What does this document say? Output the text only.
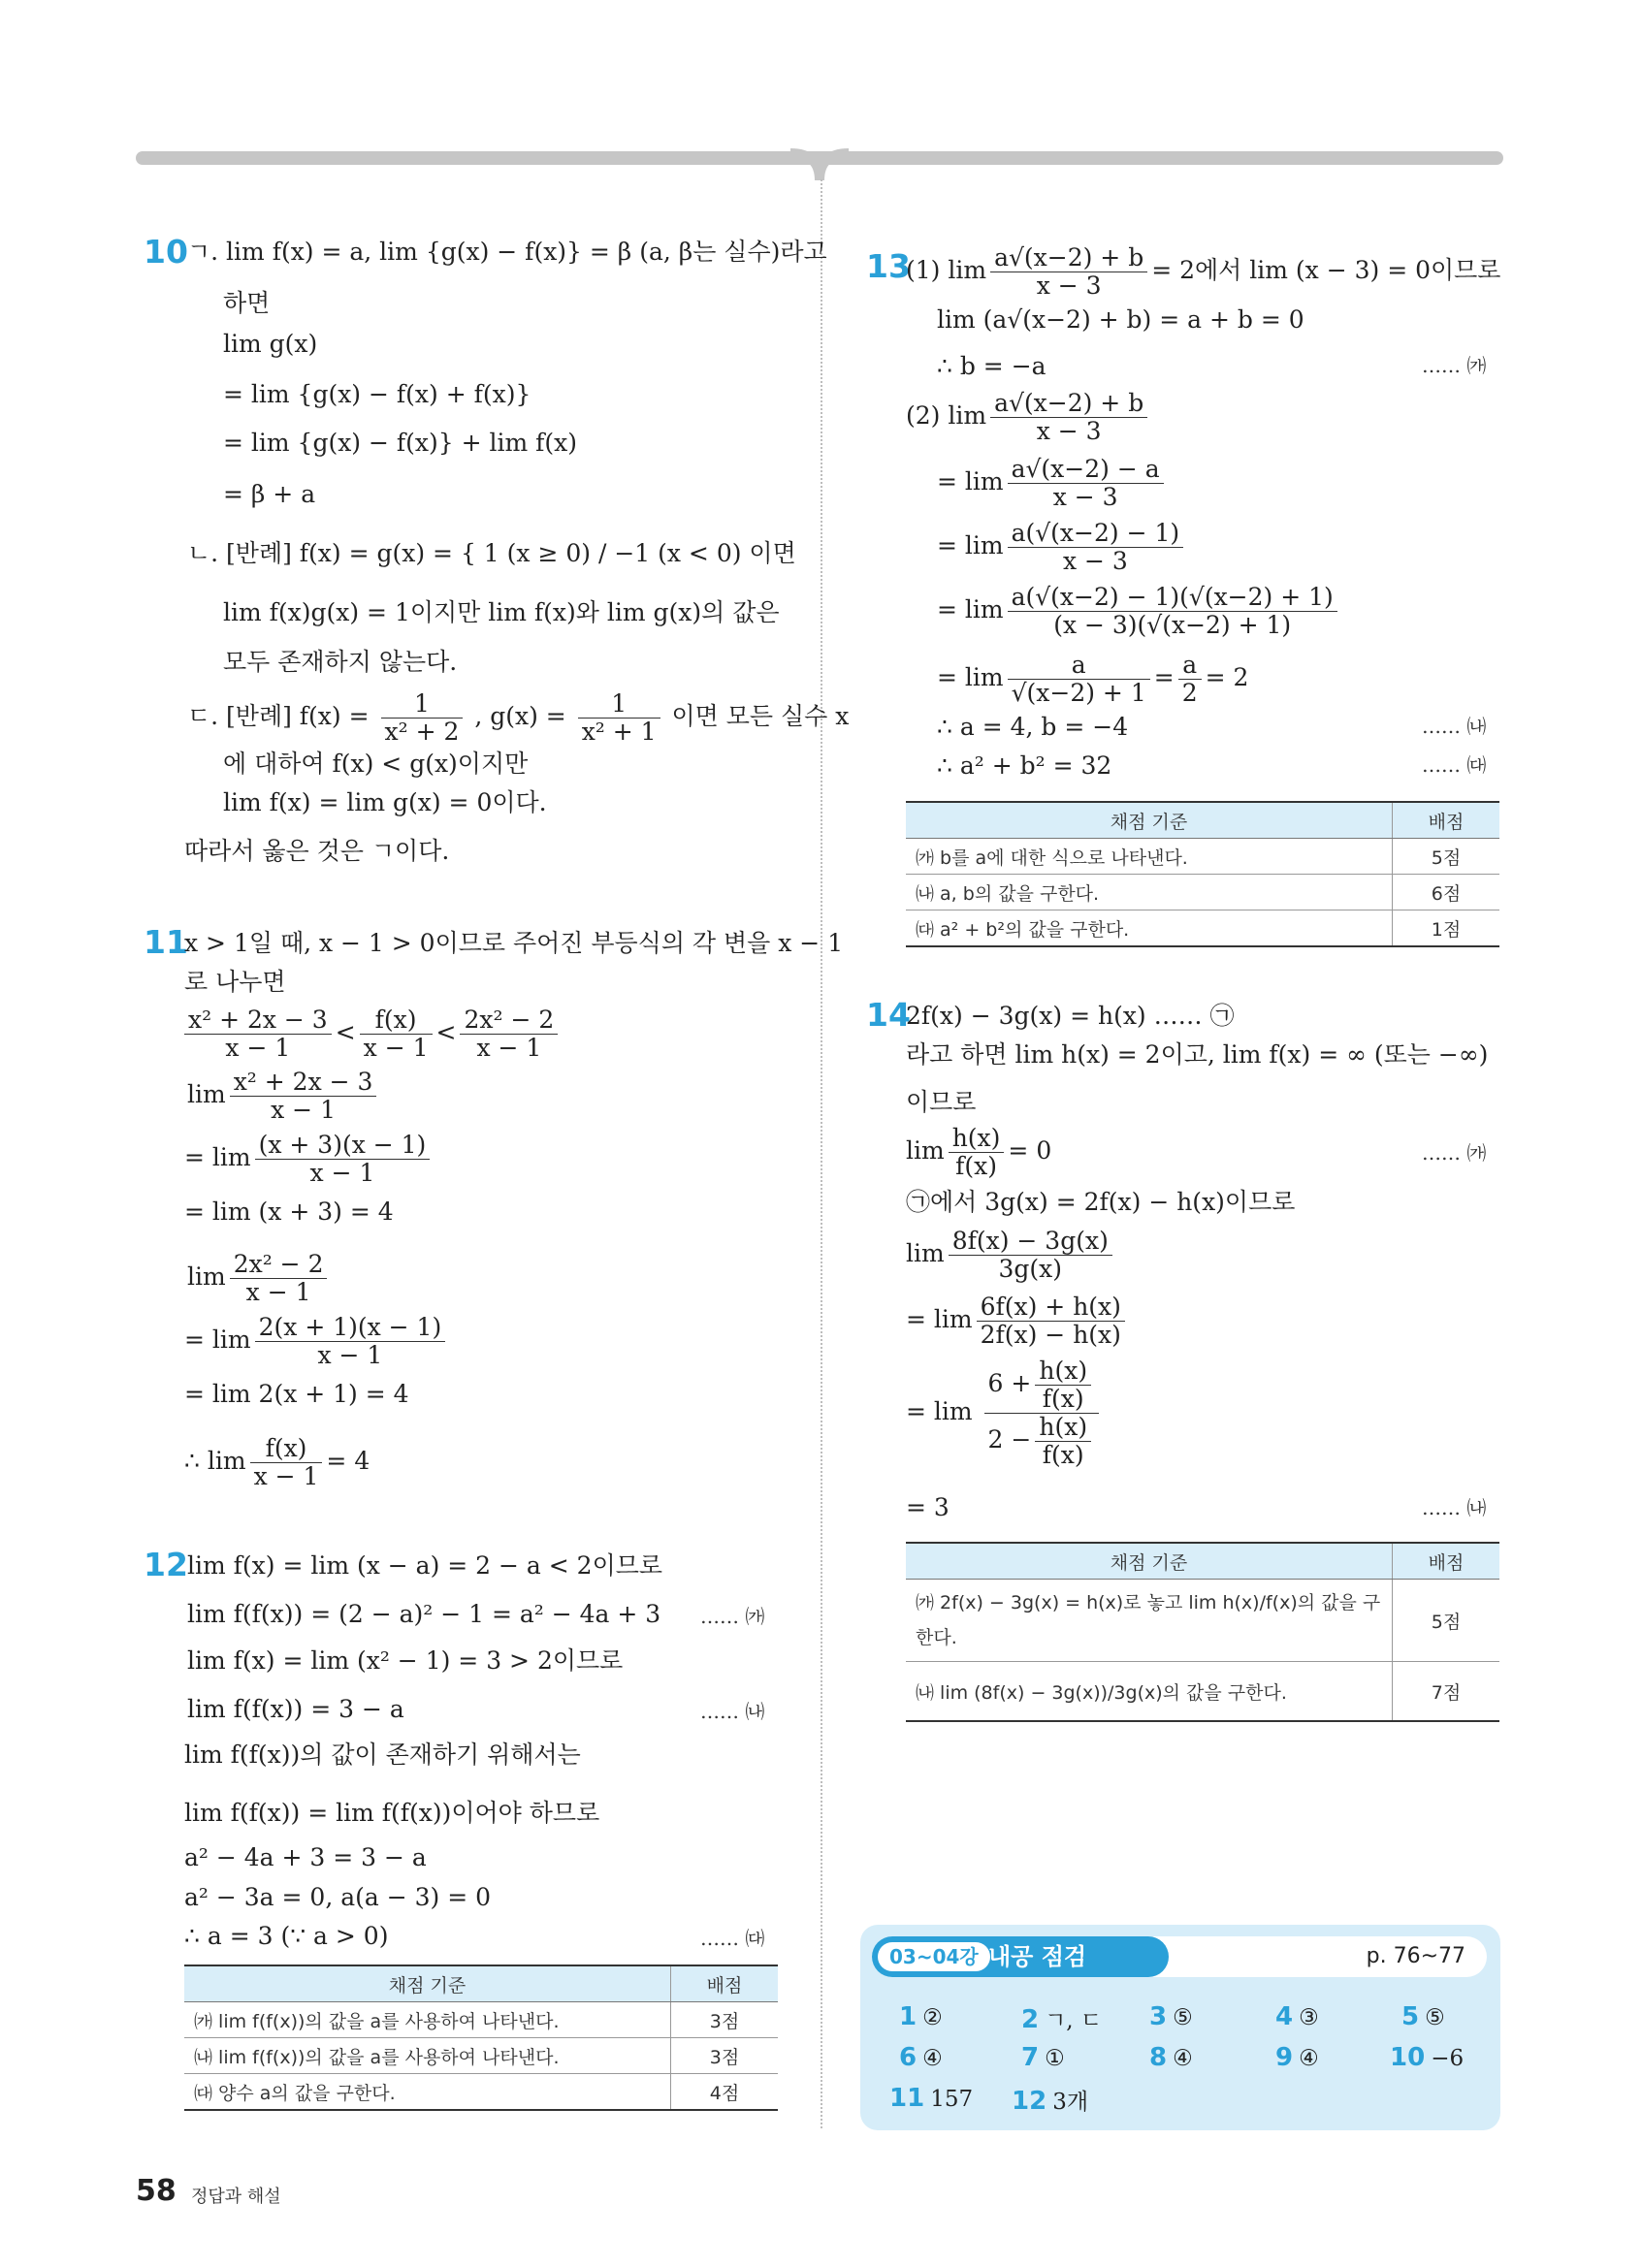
10 ㄱ. lim f(x) = a, lim {g(x) − f(x)} = β (a, β는 실수)라고
하면
lim g(x)
= lim {g(x) − f(x) + f(x)}
= lim {g(x) − f(x)} + lim f(x)
= β + a
ㄴ. [반례] f(x) = g(x) = { 1 (x ≥ 0) / −1 (x < 0) 이면
lim f(x)g(x) = 1이지만 lim f(x)와 lim g(x)의 값은
모두 존재하지 않는다.
ㄷ. [반례] $f(x) = \frac{1}{\text{x² + 2}}$ , $g(x) = \frac{1}{\text{x² + 1}}$ 이면 모든 실수 x
에 대하여 f(x) < g(x)이지만
lim f(x) = lim g(x) = 0이다.
따라서 옳은 것은 ㄱ이다.
11
x > 1일 때, x − 1 > 0이므로 주어진 부등식의 각 변을 x − 1
로 나누면
$\frac{\text{x² + 2x − 3}}{x - 1} < \frac{f(x)}{x - 1} < \frac{\text{2x² − 2}}{x - 1}$
$\lim \frac{\text{x² + 2x − 3}}{x - 1}$
= $\lim \frac{(x + 3)(x - 1)}{x - 1}$
= lim (x + 3) = 4
$\lim \frac{\text{2x² − 2}}{x - 1}$
= $\lim \frac{2(x + 1)(x - 1)}{x - 1}$
= lim 2(x + 1) = 4
∴ $\lim \frac{f(x)}{x - 1} = 4$
12 lim f(x) = lim (x − a) = 2 − a < 2이므로
lim f(f(x)) = (2 − a)² − 1 = a² − 4a + 3 …… ㈎
lim f(x) = lim (x² − 1) = 3 > 2이므로
lim f(f(x)) = 3 − a	…… ㈏
lim f(f(x))의 값이 존재하기 위해서는
lim f(f(x)) = lim f(f(x))이어야 하므로
a² − 4a + 3 = 3 − a
a² − 3a = 0, a(a − 3) = 0
∴ a = 3 (∵ a > 0)	…… ㈐
채점 기준	배점
㈎ lim f(f(x))의 값을 a를 사용하여 나타낸다.	3점
㈏ lim f(f(x))의 값을 a를 사용하여 나타낸다.	3점
㈐ 양수 a의 값을 구한다.	4점
13
(1) $\lim \frac{a√(x-2) + b}{x - 3} = 2$에서 lim (x − 3) = 0이므로
lim (a√(x−2) + b) = a + b = 0
∴ b = −a	…… ㈎
(2) $\lim \frac{a√(x-2) + b}{x - 3}$
= $\lim \frac{a√(x-2) - a}{x - 3}$
= $\lim \frac{a(√(x-2) - 1)}{x - 3}$
= $\lim \frac{a(√(x-2) - 1)(√(x-2) + 1)}{(x - 3)(√(x-2) + 1)}$
= $\lim \frac{a}{√(x-2) + 1} = \frac{a}{2} = 2$
∴ a = 4, b = −4	…… ㈏
∴ a² + b² = 32	…… ㈐
채점 기준	배점
㈎ b를 a에 대한 식으로 나타낸다.	5점
㈏ a, b의 값을 구한다.	6점
㈐ a² + b²의 값을 구한다.	1점
14
2f(x) − 3g(x) = h(x) …… ㉠
라고 하면 lim h(x) = 2이고, lim f(x) = ∞ (또는 −∞)
이므로
$\lim \frac{h(x)}{f(x)} = 0$	…… ㈎
㉠에서 3g(x) = 2f(x) − h(x)이므로
$\lim \frac{8f(x) - 3g(x)}{3g(x)}$
= $\lim \frac{6f(x) + h(x)}{2f(x) - h(x)}$
= $\lim \frac{6 + \frac{h(x)}{f(x)}}{2 - \frac{h(x)}{f(x)}}$
= 3	…… ㈏
채점 기준	배점
㈎ 2f(x) − 3g(x) = h(x)로 놓고 lim h(x)/f(x)의 값을 구
한다.	5점
㈏ lim (8f(x) − 3g(x))/3g(x)의 값을 구한다.	7점
03~04강 내공 점검	p. 76~77
1 ②	2 ㄱ, ㄷ 3 ⑤	4 ③	5 ⑤
6 ④	7 ①	8 ④	9 ④	10 −6
11 157 12 3개
58 정답과 해설
